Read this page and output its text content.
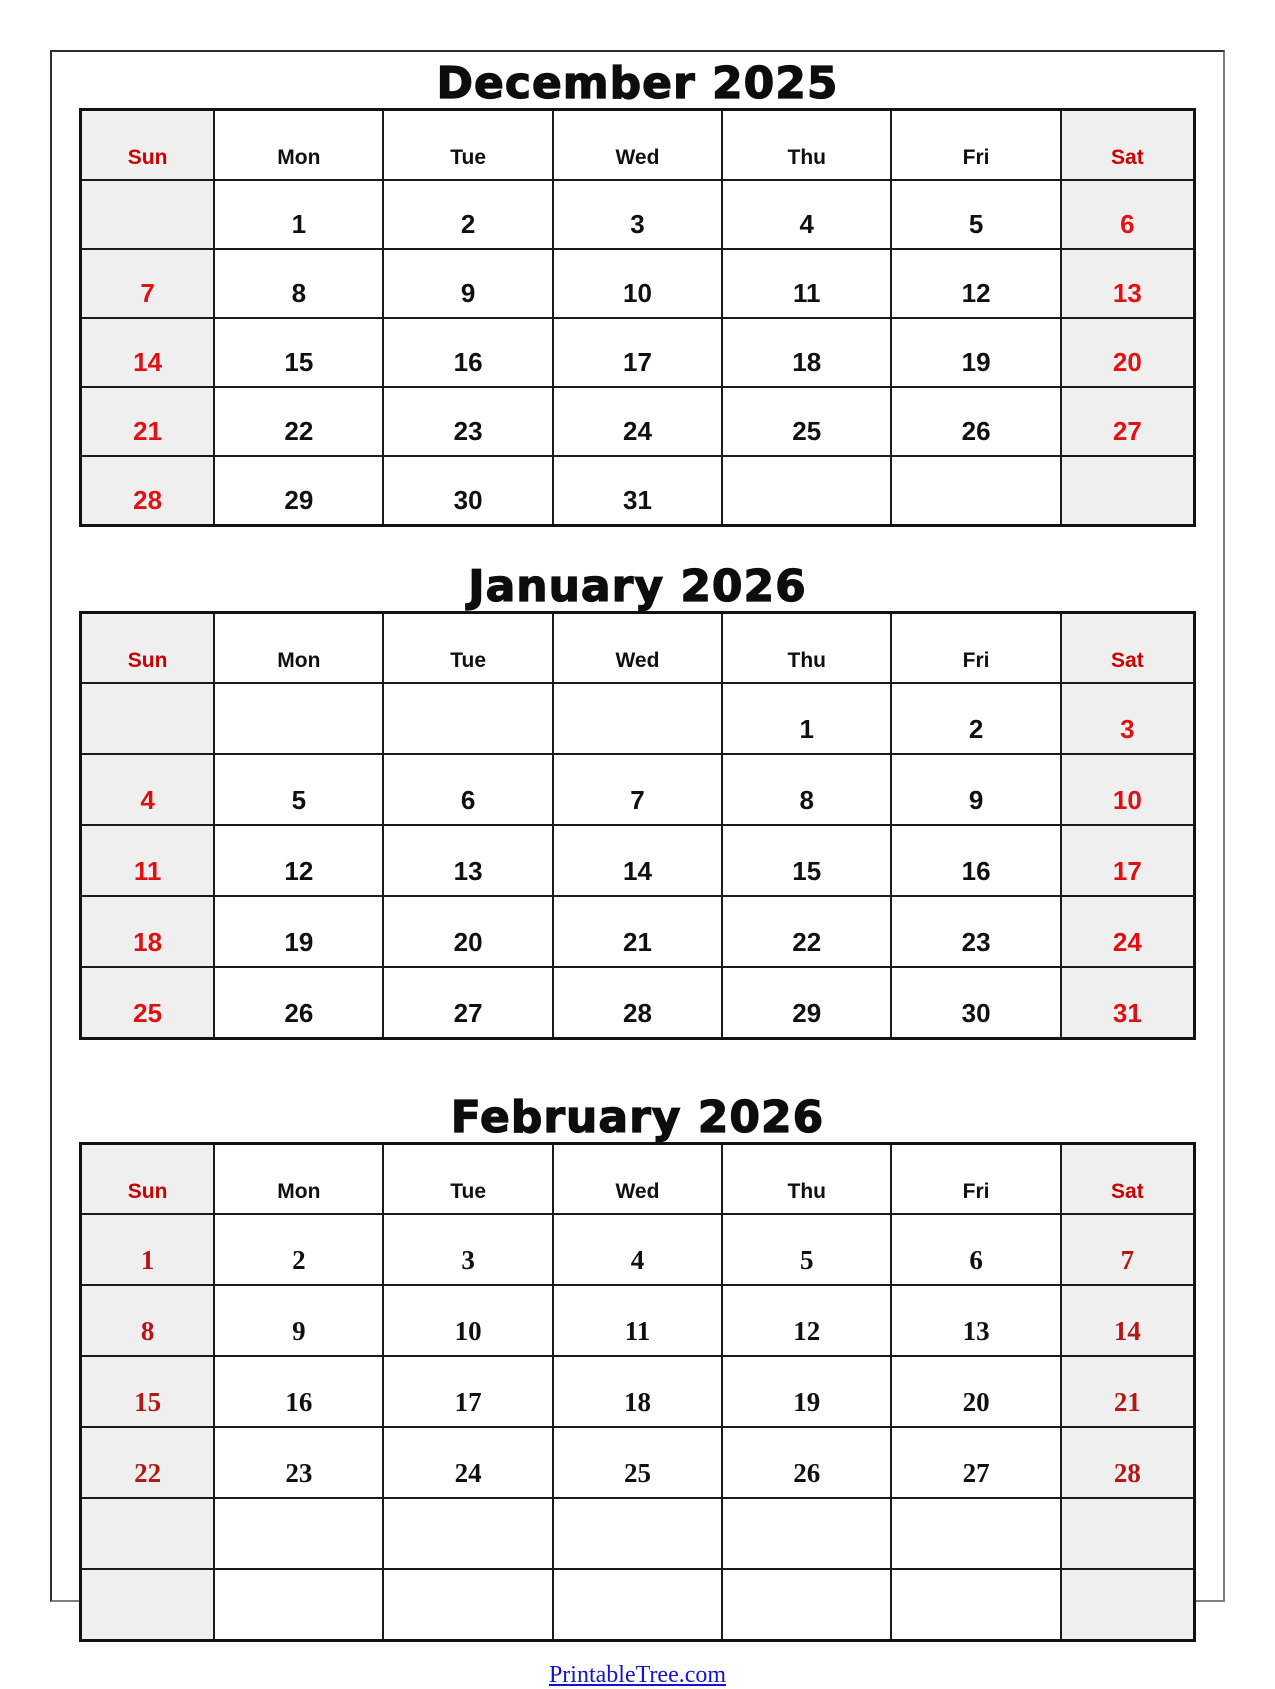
December 2025
Sun	Mon	Tue	Wed	Thu	Fri	Sat
	1	2	3	4	5	6
7	8	9	10	11	12	13
14	15	16	17	18	19	20
21	22	23	24	25	26	27
28	29	30	31			
January 2026
Sun	Mon	Tue	Wed	Thu	Fri	Sat
				1	2	3
4	5	6	7	8	9	10
11	12	13	14	15	16	17
18	19	20	21	22	23	24
25	26	27	28	29	30	31
February 2026
Sun	Mon	Tue	Wed	Thu	Fri	Sat
1	2	3	4	5	6	7
8	9	10	11	12	13	14
15	16	17	18	19	20	21
22	23	24	25	26	27	28

PrintableTree.com
